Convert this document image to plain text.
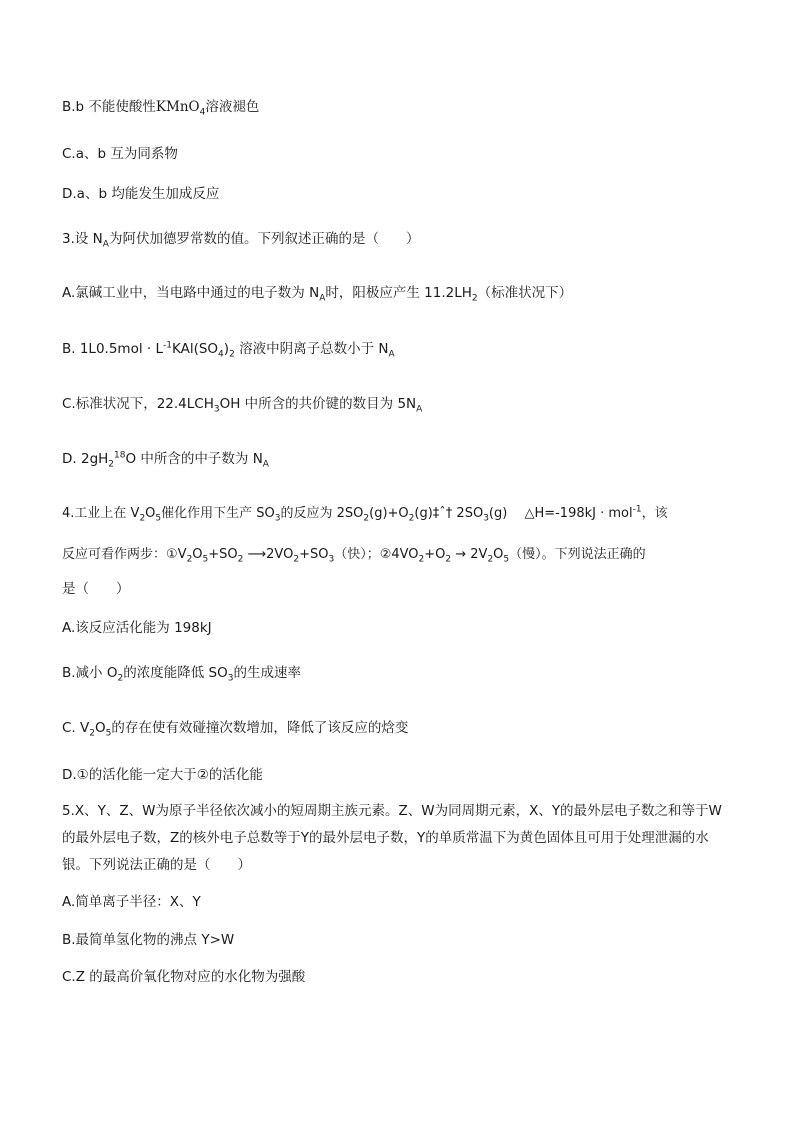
B.b 不能使酸性KMnO$_4$溶液褪色
C.a、b 互为同系物
D.a、b 均能发生加成反应
3.设 $N_A$为阿伏加德罗常数的值。下列叙述正确的是（　　）
A.氯碱工业中，当电路中通过的电子数为 $N_A$时，阳极应产生 $11.2LH_2$（标准状况下）
B. $1L0.5mol \cdot L^{-1}KAl(SO_4)_2$ 溶液中阴离子总数小于 $N_A$
C.标准状况下，$22.4LCH_3OH$ 中所含的共价键的数目为 $5N_A$
D. $2gH_2^{18}O$ 中所含的中子数为 $N_A$
4.工业上在 $V_2O_5$催化作用下生产 $SO_3$的反应为 $2SO_2(g)+O_2(g)\ddagger ˆ\dagger$ $2SO_3(g)$　 △H=-198kJ · mol$^{-1}$，该
反应可看作两步：$①V_2O_5+SO_2$ $⟶2VO_2+SO_3$（快）；$②4VO_2+O_2 \to 2V_2O_5$（慢）。下列说法正确的
是（　　）
A.该反应活化能为 198kJ
B.减小 $O_2$的浓度能降低 $SO_3$的生成速率
C. $V_2O_5$的存在使有效碰撞次数增加，降低了该反应的焓变
D.①的活化能一定大于②的活化能
5.X、Y、Z、W为原子半径依次减小的短周期主族元素。Z、W为同周期元素，X、Y的最外层电子数之和等于W的最外层电子数，Z的核外电子总数等于Y的最外层电子数，Y的单质常温下为黄色固体且可用于处理泄漏的水银。下列说法正确的是（　　）
A.简单离子半径：X、Y
B.最简单氢化物的沸点 Y>W
C.Z 的最高价氧化物对应的水化物为强酸
